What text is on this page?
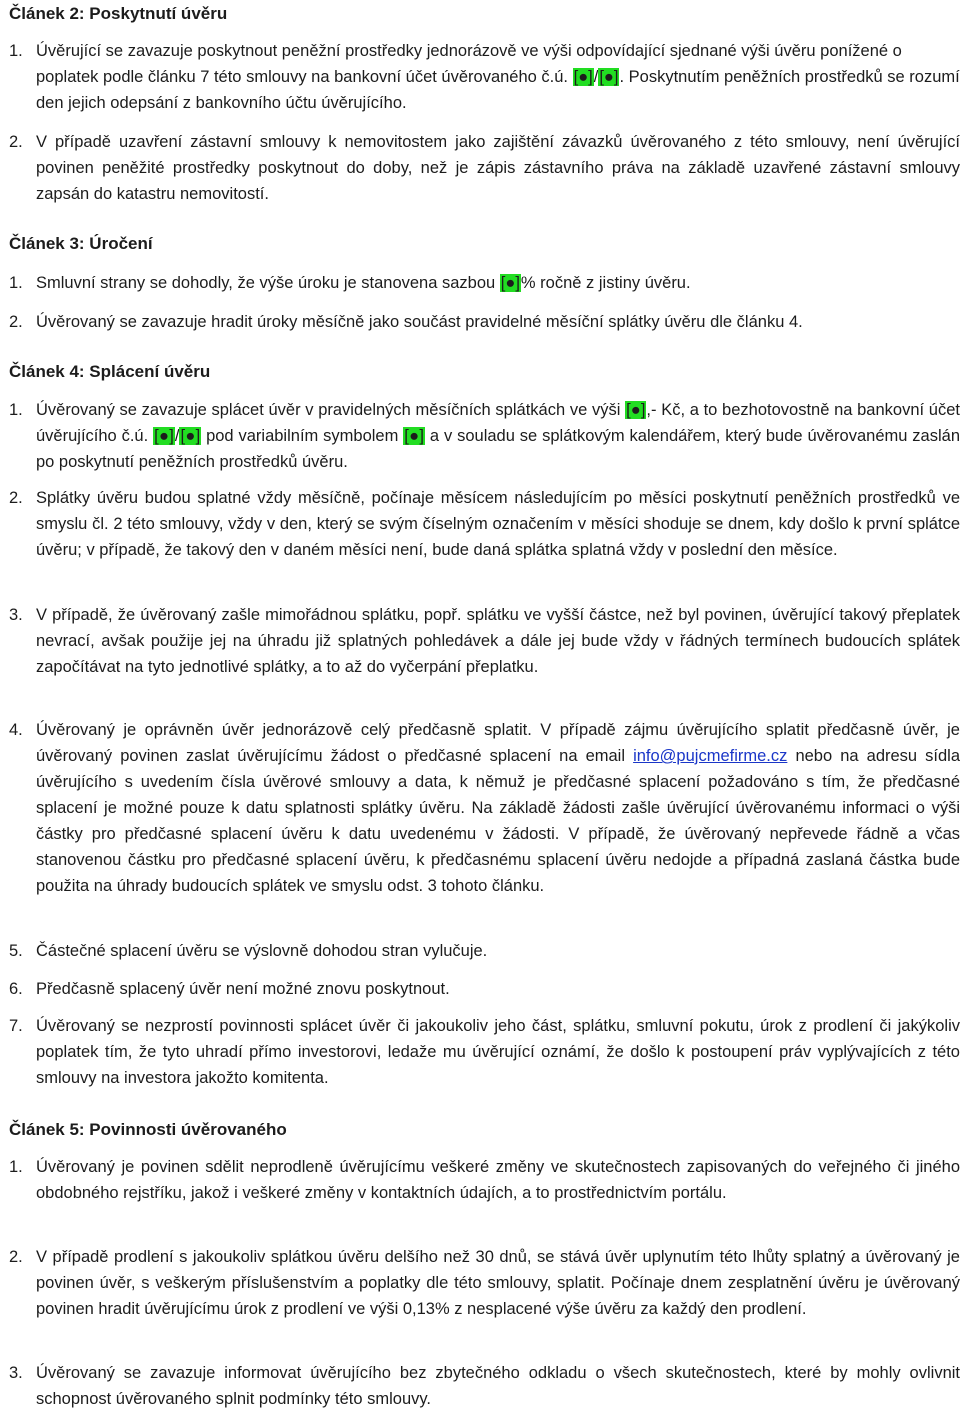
Článek 2: Poskytnutí úvěru
1. Úvěrující se zavazuje poskytnout peněžní prostředky jednorázově ve výši odpovídající sjednané výši úvěru ponížené o poplatek podle článku 7 této smlouvy na bankovní účet úvěrovaného č.ú. [●]/[●]. Poskytnutím peněžních prostředků se rozumí den jejich odepsání z bankovního účtu úvěrujícího.
2. V případě uzavření zástavní smlouvy k nemovitostem jako zajištění závazků úvěrovaného z této smlouvy, není úvěrující povinen peněžité prostředky poskytnout do doby, než je zápis zástavního práva na základě uzavřené zástavní smlouvy zapsán do katastru nemovitostí.
Článek 3: Úročení
1. Smluvní strany se dohodly, že výše úroku je stanovena sazbou [●]% ročně z jistiny úvěru.
2. Úvěrovaný se zavazuje hradit úroky měsíčně jako součást pravidelné měsíční splátky úvěru dle článku 4.
Článek 4: Splácení úvěru
1. Úvěrovaný se zavazuje splácet úvěr v pravidelných měsíčních splátkách ve výši [●],- Kč, a to bezhotovostně na bankovní účet úvěrujícího č.ú. [●]/[●] pod variabilním symbolem [●] a v souladu se splátkovým kalendářem, který bude úvěrovanému zaslán po poskytnutí peněžních prostředků úvěru.
2. Splátky úvěru budou splatné vždy měsíčně, počínaje měsícem následujícím po měsíci poskytnutí peněžních prostředků ve smyslu čl. 2 této smlouvy, vždy v den, který se svým číselným označením v měsíci shoduje se dnem, kdy došlo k první splátce úvěru; v případě, že takový den v daném měsíci není, bude daná splátka splatná vždy v poslední den měsíce.
3. V případě, že úvěrovaný zašle mimořádnou splátku, popř. splátku ve vyšší částce, než byl povinen, úvěrující takový přeplatek nevrací, avšak použije jej na úhradu již splatných pohledávek a dále jej bude vždy v řádných termínech budoucích splátek započítávat na tyto jednotlivé splátky, a to až do vyčerpání přeplatku.
4. Úvěrovaný je oprávněn úvěr jednorázově celý předčasně splatit. V případě zájmu úvěrujícího splatit předčasně úvěr, je úvěrovaný povinen zaslat úvěrujícímu žádost o předčasné splacení na email info@pujcmefirme.cz nebo na adresu sídla úvěrujícího s uvedením čísla úvěrové smlouvy a data, k němuž je předčasné splacení požadováno s tím, že předčasné splacení je možné pouze k datu splatnosti splátky úvěru. Na základě žádosti zašle úvěrující úvěrovanému informaci o výši částky pro předčasné splacení úvěru k datu uvedenému v žádosti. V případě, že úvěrovaný nepřevede řádně a včas stanovenou částku pro předčasné splacení úvěru, k předčasnému splacení úvěru nedojde a případná zaslaná částka bude použita na úhrady budoucích splátek ve smyslu odst. 3 tohoto článku.
5. Částečné splacení úvěru se výslovně dohodou stran vylučuje.
6. Předčasně splacený úvěr není možné znovu poskytnout.
7. Úvěrovaný se nezprostí povinnosti splácet úvěr či jakoukoliv jeho část, splátku, smluvní pokutu, úrok z prodlení či jakýkoliv poplatek tím, že tyto uhradí přímo investorovi, ledaže mu úvěrující oznámí, že došlo k postoupení práv vyplývajících z této smlouvy na investora jakožto komitenta.
Článek 5: Povinnosti úvěrovaného
1. Úvěrovaný je povinen sdělit neprodleně úvěrujícímu veškeré změny ve skutečnostech zapisovaných do veřejného či jiného obdobného rejstříku, jakož i veškeré změny v kontaktních údajích, a to prostřednictvím portálu.
2. V případě prodlení s jakoukoliv splátkou úvěru delšího než 30 dnů, se stává úvěr uplynutím této lhůty splatný a úvěrovaný je povinen úvěr, s veškerým příslušenstvím a poplatky dle této smlouvy, splatit. Počínaje dnem zesplatnění úvěru je úvěrovaný povinen hradit úvěrujícímu úrok z prodlení ve výši 0,13% z nesplacené výše úvěru za každý den prodlení.
3. Úvěrovaný se zavazuje informovat úvěrujícího bez zbytečného odkladu o všech skutečnostech, které by mohly ovlivnit schopnost úvěrovaného splnit podmínky této smlouvy.
